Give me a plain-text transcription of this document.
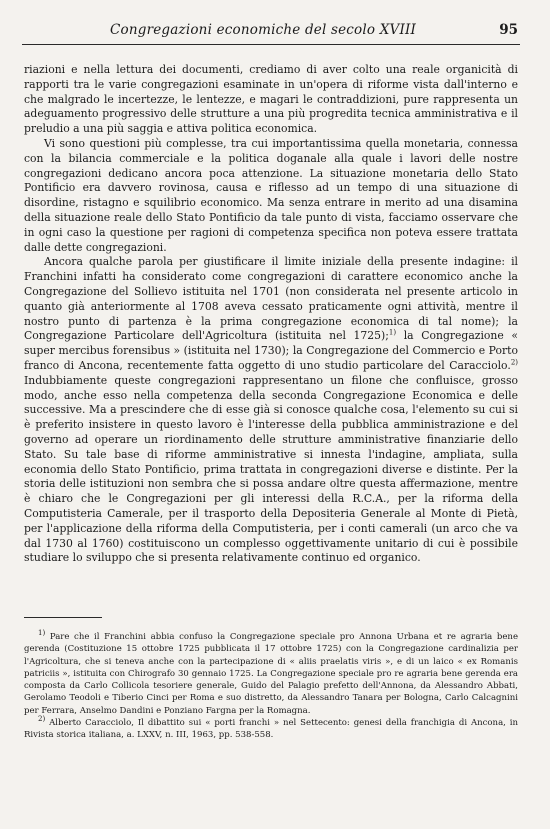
Congregazioni economiche del secolo XVIII	95

riazioni e nella lettura dei documenti, crediamo di aver colto una reale organicità di rapporti tra le varie congregazioni esaminate in un'opera di riforme vista dall'interno e che malgrado le incertezze, le lentezze, e magari le contraddizioni, pure rappresenta un adeguamento progressivo delle strutture a una più progredita tecnica amministrativa e il preludio a una più saggia e attiva politica economica.

Vi sono questioni più complesse, tra cui importantissima quella monetaria, connessa con la bilancia commerciale e la politica doganale alla quale i lavori delle nostre congregazioni dedicano ancora poca attenzione. La situazione monetaria dello Stato Pontificio era davvero rovinosa, causa e riflesso ad un tempo di una situazione di disordine, ristagno e squilibrio economico. Ma senza entrare in merito ad una disamina della situazione reale dello Stato Pontificio da tale punto di vista, facciamo osservare che in ogni caso la questione per ragioni di competenza specifica non poteva essere trattata dalle dette congregazioni.

Ancora qualche parola per giustificare il limite iniziale della presente indagine: il Franchini infatti ha considerato come congregazioni di carattere economico anche la Congregazione del Sollievo istituita nel 1701 (non considerata nel presente articolo in quanto già anteriormente al 1708 aveva cessato praticamente ogni attività, mentre il nostro punto di partenza è la prima congregazione economica di tal nome); la Congregazione Particolare dell'Agricoltura (istituita nel 1725);$^{1)}$ la Congregazione « super mercibus forensibus » (istituita nel 1730); la Congregazione del Commercio e Porto franco di Ancona, recentemente fatta oggetto di uno studio particolare del Caracciolo.$^{2)}$ Indubbiamente queste congregazioni rappresentano un filone che confluisce, grosso modo, anche esso nella competenza della seconda Congregazione Economica e delle successive. Ma a prescindere che di esse già si conosce qualche cosa, l'elemento su cui si è preferito insistere in questo lavoro è l'interesse della pubblica amministrazione e del governo ad operare un riordinamento delle strutture amministrative finanziarie dello Stato. Su tale base di riforme amministrative si innesta l'indagine, ampliata, sulla economia dello Stato Pontificio, prima trattata in congregazioni diverse e distinte. Per la storia delle istituzioni non sembra che si possa andare oltre questa affermazione, mentre è chiaro che le Congregazioni per gli interessi della R.C.A., per la riforma della Computisteria Camerale, per il trasporto della Depositeria Generale al Monte di Pietà, per l'applicazione della riforma della Computisteria, per i conti camerali (un arco che va dal 1730 al 1760) costituiscono un complesso oggettivamente unitario di cui è possibile studiare lo sviluppo che si presenta relativamente continuo ed organico.

$^{1)}$ Pare che il Franchini abbia confuso la Congregazione speciale pro Annona Urbana et re agraria bene gerenda (Costituzione 15 ottobre 1725 pubblicata il 17 ottobre 1725) con la Congregazione cardinalizia per l'Agricoltura, che si teneva anche con la partecipazione di « aliis praelatis viris », e di un laico « ex Romanis patriciis », istituita con Chirografo 30 gennaio 1725. La Congregazione speciale pro re agraria bene gerenda era composta da Carlo Collicola tesoriere generale, Guido del Palagio prefetto dell'Annona, da Alessandro Abbati, Gerolamo Teodoli e Tiberio Cinci per Roma e suo distretto, da Alessandro Tanara per Bologna, Carlo Calcagnini per Ferrara, Anselmo Dandini e Ponziano Fargna per la Romagna.

$^{2)}$ Alberto Caracciolo, Il dibattito sui « porti franchi » nel Settecento: genesi della franchigia di Ancona, in Rivista storica italiana, a. LXXV, n. III, 1963, pp. 538-558.
